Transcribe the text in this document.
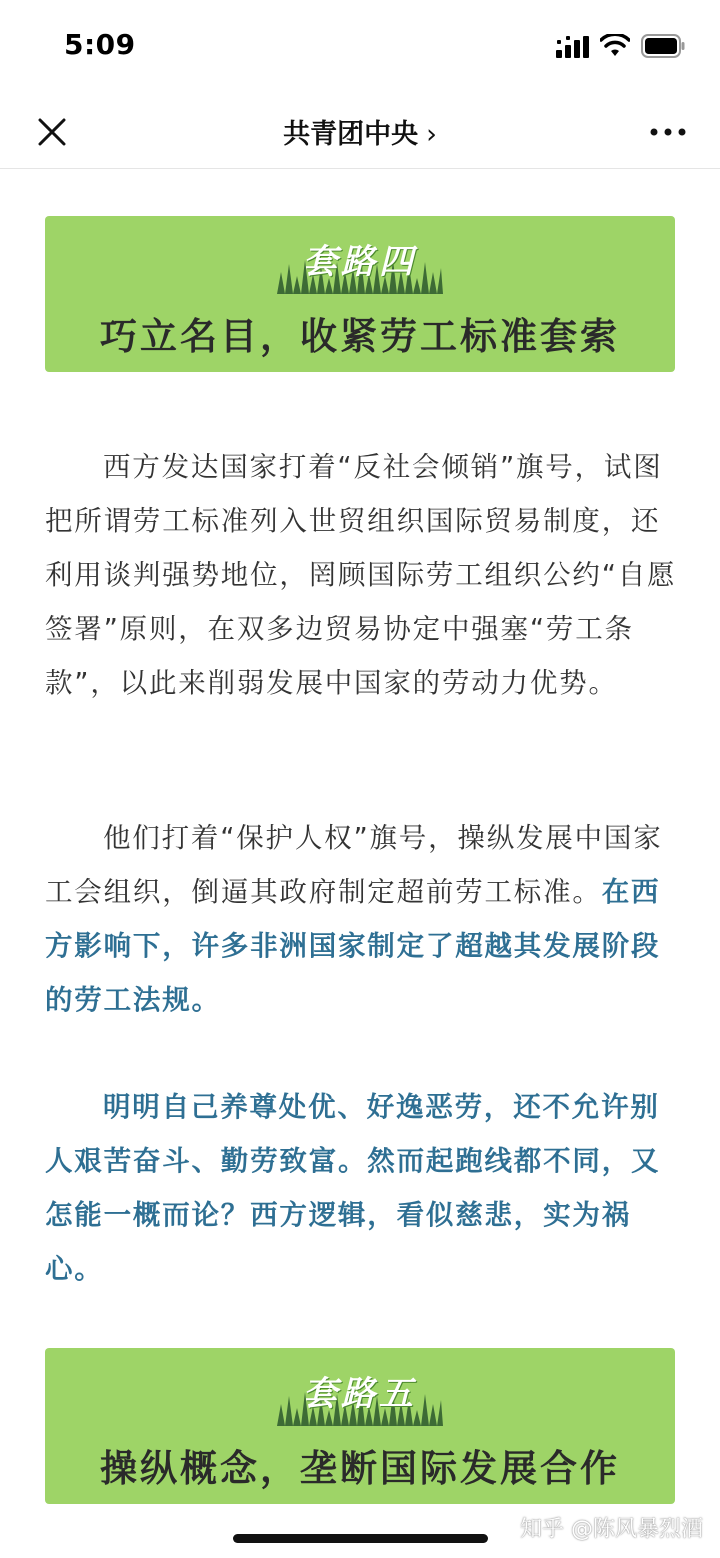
5:09
共青团中央 ›
套路四
巧立名目，收紧劳工标准套索

西方发达国家打着“反社会倾销”旗号，试图把所谓劳工标准列入世贸组织国际贸易制度，还利用谈判强势地位，罔顾国际劳工组织公约“自愿签署”原则，在双多边贸易协定中强塞“劳工条款”，以此来削弱发展中国家的劳动力优势。

他们打着“保护人权”旗号，操纵发展中国家工会组织，倒逼其政府制定超前劳工标准。在西方影响下，许多非洲国家制定了超越其发展阶段的劳工法规。

明明自己养尊处优、好逸恶劳，还不允许别人艰苦奋斗、勤劳致富。然而起跑线都不同，又怎能一概而论？西方逻辑，看似慈悲，实为祸心。

套路五
操纵概念，垄断国际发展合作
知乎 @陈风暴烈酒
